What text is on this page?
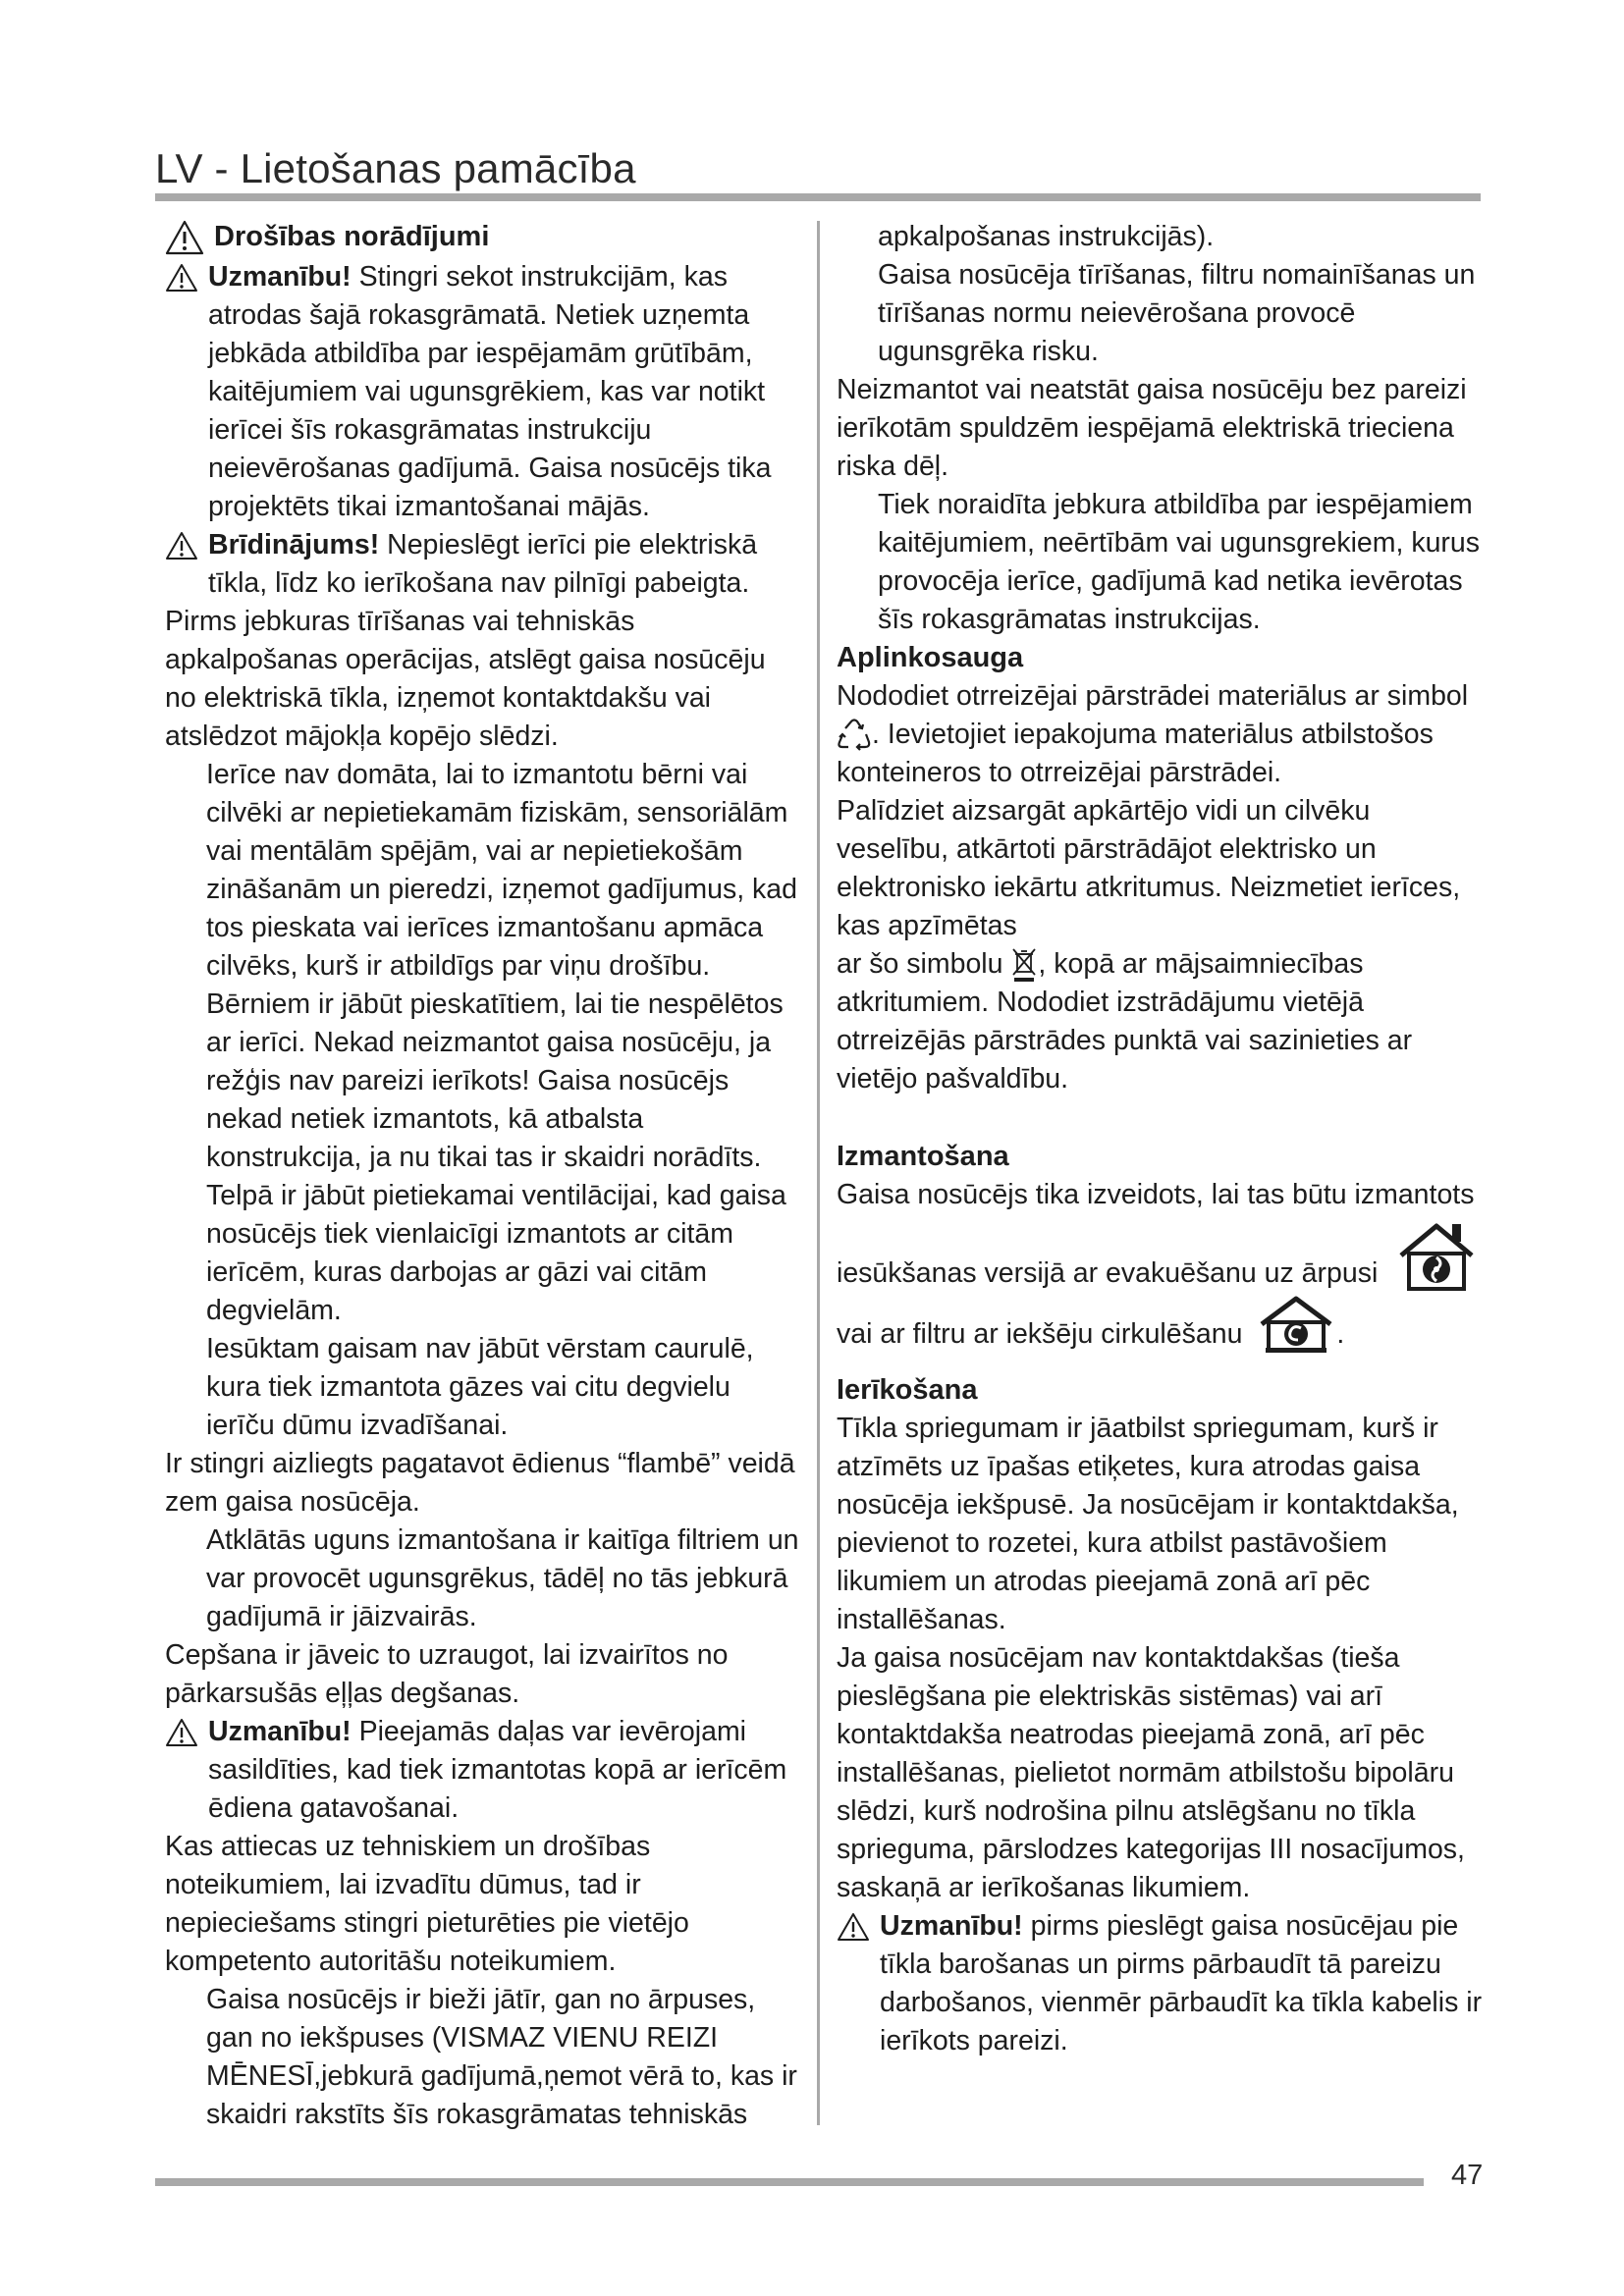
LV - Lietošanas pamācība
47
Drošības norādījumi

Uzmanību! Stingri sekot instrukcijām, kas atrodas šajā rokasgrāmatā. Netiek uzņemta jebkāda atbildība par iespējamām grūtībām, kaitējumiem vai ugunsgrēkiem, kas var notikt ierīcei šīs rokasgrāmatas instrukciju neievērošanas gadījumā. Gaisa nosūcējs tika projektēts tikai izmantošanai mājās.

Brīdinājums! Nepieslēgt ierīci pie elektriskā tīkla, līdz ko ierīkošana nav pilnīgi pabeigta.

Pirms jebkuras tīrīšanas vai tehniskās apkalpošanas operācijas, atslēgt gaisa nosūcēju no elektriskā tīkla, izņemot kontaktdakšu vai atslēdzot mājokļa kopējo slēdzi.

Ierīce nav domāta, lai to izmantotu bērni vai cilvēki ar nepietiekamām fiziskām, sensoriālām vai mentālām spējām, vai ar nepietiekošām zināšanām un pieredzi, izņemot gadījumus, kad tos pieskata vai ierīces izmantošanu apmāca cilvēks, kurš ir atbildīgs par viņu drošību.

Bērniem ir jābūt pieskatītiem, lai tie nespēlētos ar ierīci. Nekad neizmantot gaisa nosūcēju, ja režģis nav pareizi ierīkots! Gaisa nosūcējs nekad netiek izmantots, kā atbalsta konstrukcija, ja nu tikai tas ir skaidri norādīts. Telpā ir jābūt pietiekamai ventilācijai, kad gaisa nosūcējs tiek vienlaicīgi izmantots ar citām ierīcēm, kuras darbojas ar gāzi vai citām degvielām.

Iesūktam gaisam nav jābūt vērstam caurulē, kura tiek izmantota gāzes vai citu degvielu ierīču dūmu izvadīšanai.

Ir stingri aizliegts pagatavot ēdienus “flambē” veidā zem gaisa nosūcēja.

Atklātās uguns izmantošana ir kaitīga filtriem un var provocēt ugunsgrēkus, tādēļ no tās jebkurā gadījumā ir jāizvairās.

Cepšana ir jāveic to uzraugot, lai izvairītos no pārkarsušās eļļas degšanas.

Uzmanību! Pieejamās daļas var ievērojami sasildīties, kad tiek izmantotas kopā ar ierīcēm ēdiena gatavošanai.

Kas attiecas uz tehniskiem un drošības noteikumiem, lai izvadītu dūmus, tad ir nepieciešams stingri pieturēties pie vietējo kompetento autoritāšu noteikumiem.

Gaisa nosūcējs ir bieži jātīr, gan no ārpuses, gan no iekšpuses (VISMAZ VIENU REIZI MĒNESĪ,jebkurā gadījumā,ņemot vērā to, kas ir skaidri rakstīts šīs rokasgrāmatas tehniskās

apkalpošanas instrukcijās).

Gaisa nosūcēja tīrīšanas, filtru nomainīšanas un tīrīšanas normu neievērošana provocē ugunsgrēka risku.

Neizmantot vai neatstāt gaisa nosūcēju bez pareizi ierīkotām spuldzēm iespējamā elektriskā trieciena riska dēļ.

Tiek noraidīta jebkura atbildība par iespējamiem kaitējumiem, neērtībām vai ugunsgrekiem, kurus provocēja ierīce, gadījumā kad netika ievērotas šīs rokasgrāmatas instrukcijas.

Aplinkosauga

Nododiet otrreizējai pārstrādei materiālus ar simbol

. Ievietojiet iepakojuma materiālus atbilstošos konteineros to otrreizējai pārstrādei.

Palīdziet aizsargāt apkārtējo vidi un cilvēku veselību, atkārtoti pārstrādājot elektrisko un elektronisko iekārtu atkritumus. Neizmetiet ierīces, kas apzīmētas

ar šo simbolu , kopā ar mājsaimniecības atkritumiem. Nododiet izstrādājumu vietējā otrreizējās pārstrādes punktā vai sazinieties ar vietējo pašvaldību.

Izmantošana

Gaisa nosūcējs tika izveidots, lai tas būtu izmantots

iesūkšanas versijā ar evakuēšanu uz ārpusi
vai ar filtru ar iekšēju cirkulēšanu	.

Ierīkošana

Tīkla spriegumam ir jāatbilst spriegumam, kurš ir atzīmēts uz īpašas etiķetes, kura atrodas gaisa nosūcēja iekšpusē. Ja nosūcējam ir kontaktdakša, pievienot to rozetei, kura atbilst pastāvošiem likumiem un atrodas pieejamā zonā arī pēc installēšanas.

Ja gaisa nosūcējam nav kontaktdakšas (tieša pieslēgšana pie elektriskās sistēmas) vai arī kontaktdakša neatrodas pieejamā zonā, arī pēc installēšanas, pielietot normām atbilstošu bipolāru slēdzi, kurš nodrošina pilnu atslēgšanu no tīkla sprieguma, pārslodzes kategorijas III nosacījumos, saskaņā ar ierīkošanas likumiem.

Uzmanību! pirms pieslēgt gaisa nosūcējau pie tīkla barošanas un pirms pārbaudīt tā pareizu darbošanos, vienmēr pārbaudīt ka tīkla kabelis ir ierīkots pareizi.
